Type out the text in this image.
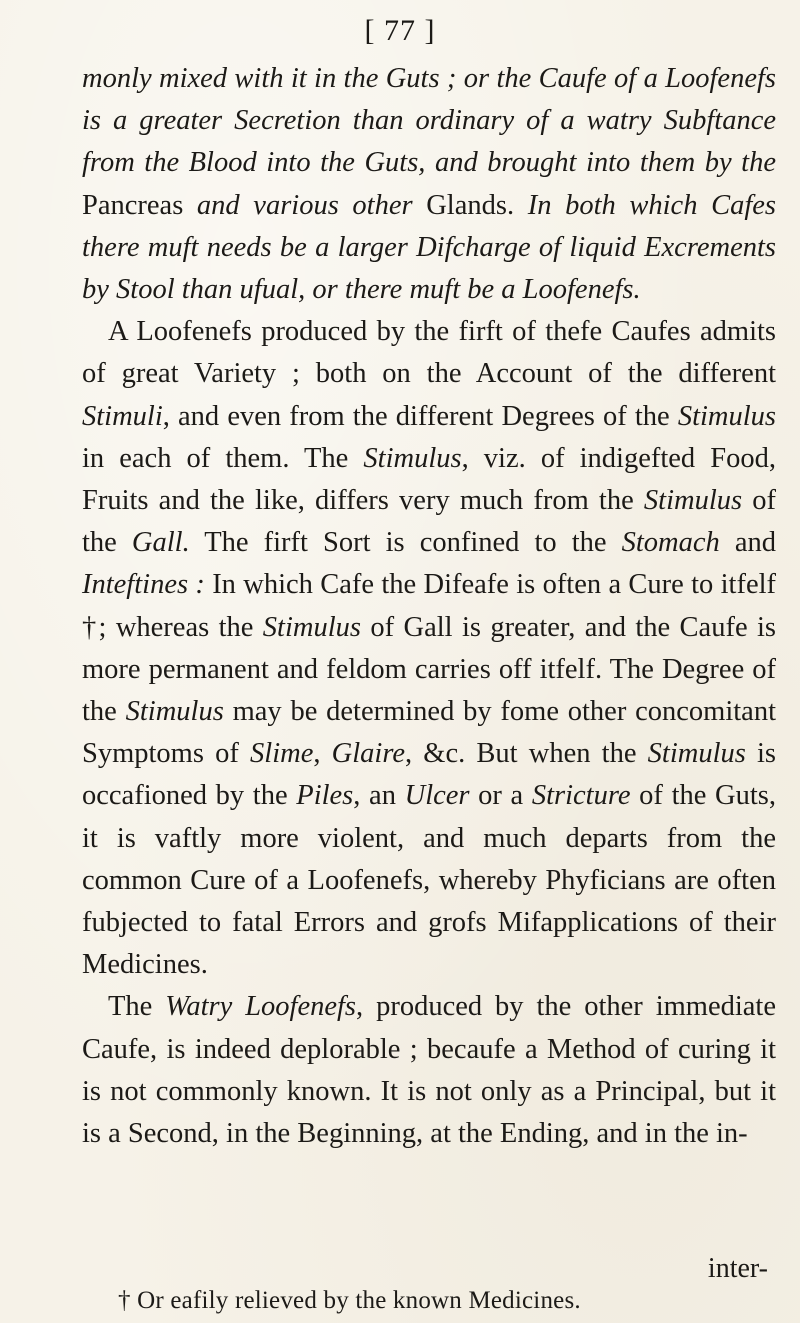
[ 77 ]

monly mixed with it in the Guts ; or the Caufe of a Loofenefs is a greater Secretion than ordinary of a watry Subftance from the Blood into the Guts, and brought into them by the Pancreas and various other Glands. In both which Cafes there muft needs be a larger Difcharge of liquid Excrements by Stool than ufual, or there muft be a Loofenefs.

A Loofenefs produced by the firft of thefe Caufes admits of great Variety ; both on the Account of the different Stimuli, and even from the different Degrees of the Stimulus in each of them. The Stimulus, viz. of indigefted Food, Fruits and the like, differs very much from the Stimulus of the Gall. The firft Sort is confined to the Stomach and Inteftines : In which Cafe the Difeafe is often a Cure to itfelf †; whereas the Stimulus of Gall is greater, and the Caufe is more permanent and feldom carries off itfelf. The Degree of the Stimulus may be determined by fome other concomitant Symptoms of Slime, Glaire, &c. But when the Stimulus is occafioned by the Piles, an Ulcer or a Stricture of the Guts, it is vaftly more violent, and much departs from the common Cure of a Loofenefs, whereby Phyficians are often fubjected to fatal Errors and grofs Mifapplications of their Medicines.

The Watry Loofenefs, produced by the other immediate Caufe, is indeed deplorable ; becaufe a Method of curing it is not commonly known. It is not only as a Principal, but it is a Second, in the Beginning, at the Ending, and in the in-

inter-
† Or eafily relieved by the known Medicines.
